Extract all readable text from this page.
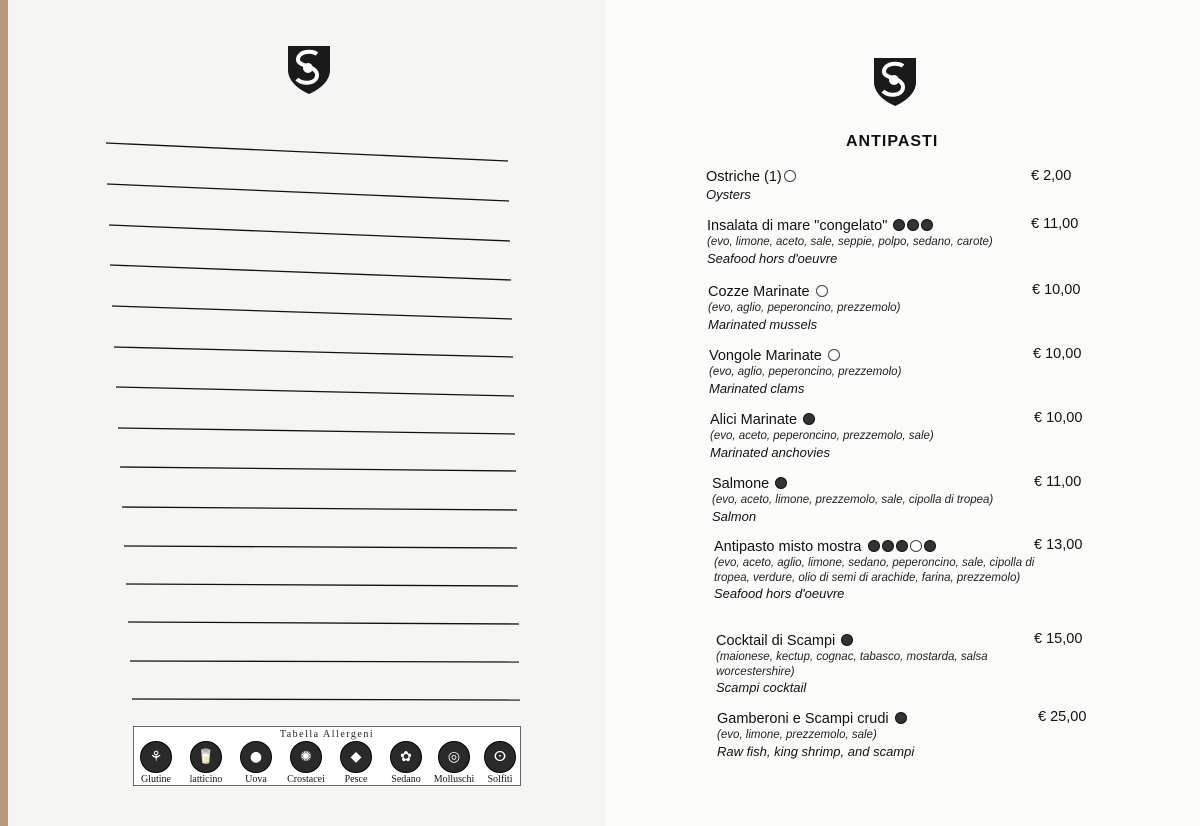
Tabella Allergeni
⚘
Glutine
🥛
latticino
●
Uova
✺
Crostacei
◆
Pesce
✿
Sedano
◎
Molluschi
ⵙ
Solfiti
ANTIPASTI
Ostriche (1)
Oysters
€ 2,00
Insalata di mare "congelato"
(evo, limone, aceto, sale, seppie, polpo, sedano, carote)
Seafood hors d'oeuvre
€ 11,00
Cozze Marinate
(evo, aglio, peperoncino, prezzemolo)
Marinated mussels
€ 10,00
Vongole Marinate
(evo, aglio, peperoncino, prezzemolo)
Marinated clams
€ 10,00
Alici Marinate
(evo, aceto, peperoncino, prezzemolo, sale)
Marinated anchovies
€ 10,00
Salmone
(evo, aceto, limone, prezzemolo, sale, cipolla di tropea)
Salmon
€ 11,00
Antipasto misto mostra
(evo, aceto, aglio, limone, sedano, peperoncino, sale, cipolla di tropea, verdure, olio di semi di arachide, farina, prezzemolo)
Seafood hors d'oeuvre
€ 13,00
Cocktail di Scampi
(maionese, kectup, cognac, tabasco, mostarda, salsa worcestershire)
Scampi cocktail
€ 15,00
Gamberoni e Scampi crudi
(evo, limone, prezzemolo, sale)
Raw fish, king shrimp, and scampi
€ 25,00
